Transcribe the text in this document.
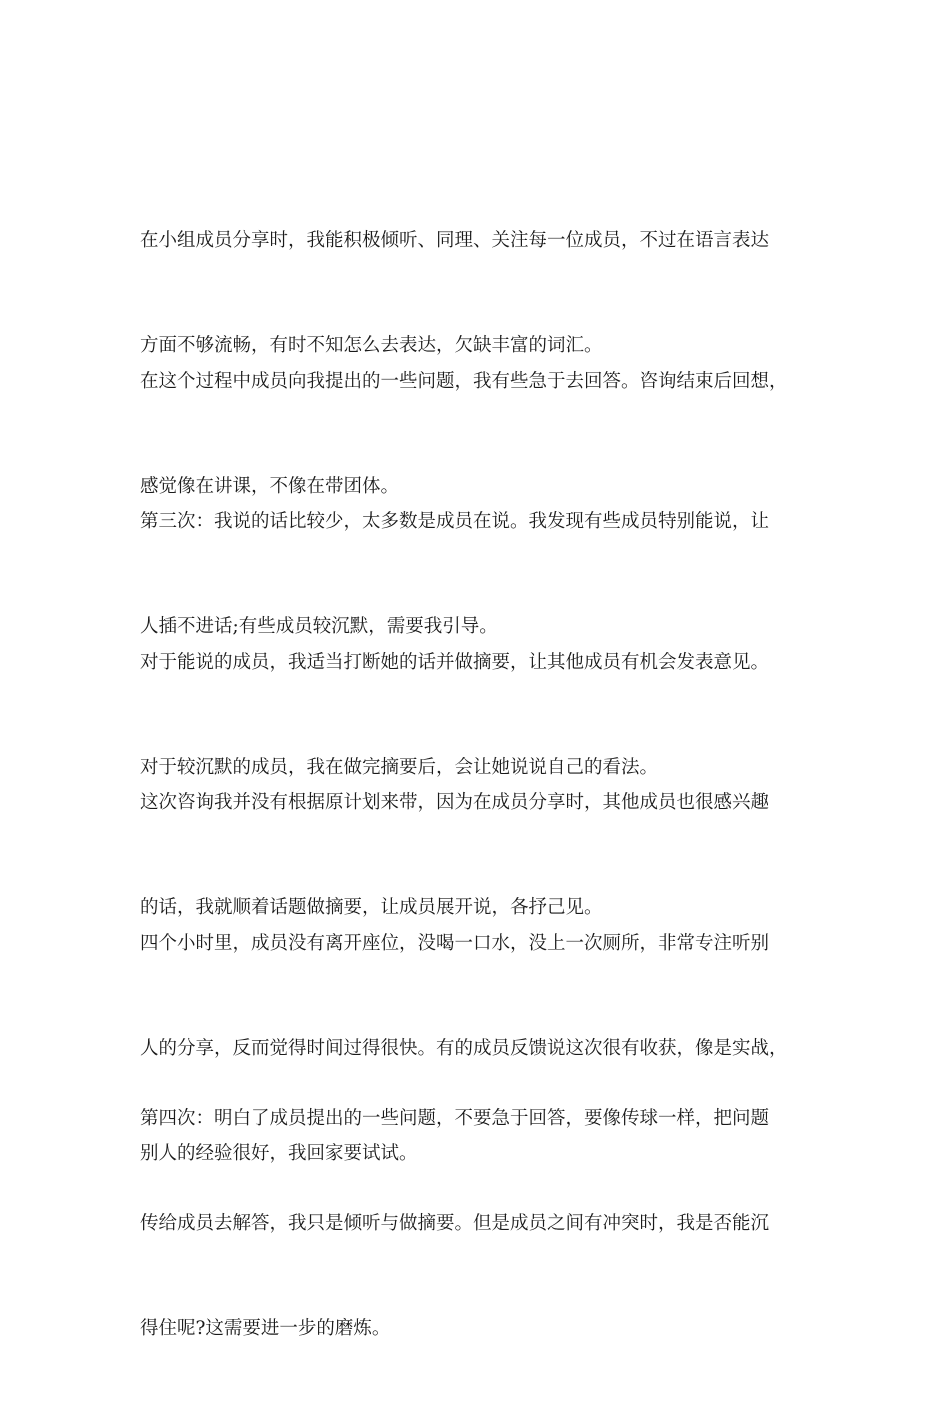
在小组成员分享时，我能积极倾听、同理、关注每一位成员，不过在语言表达

方面不够流畅，有时不知怎么去表达，欠缺丰富的词汇。

在这个过程中成员向我提出的一些问题，我有些急于去回答。咨询结束后回想，

感觉像在讲课，不像在带团体。

第三次：我说的话比较少，太多数是成员在说。我发现有些成员特别能说，让

人插不进话;有些成员较沉默，需要我引导。

对于能说的成员，我适当打断她的话并做摘要，让其他成员有机会发表意见。

对于较沉默的成员，我在做完摘要后，会让她说说自己的看法。

这次咨询我并没有根据原计划来带，因为在成员分享时，其他成员也很感兴趣

的话，我就顺着话题做摘要，让成员展开说，各抒己见。

四个小时里，成员没有离开座位，没喝一口水，没上一次厕所，非常专注听别

人的分享，反而觉得时间过得很快。有的成员反馈说这次很有收获，像是实战，

别人的经验很好，我回家要试试。

第四次：明白了成员提出的一些问题，不要急于回答，要像传球一样，把问题

传给成员去解答，我只是倾听与做摘要。但是成员之间有冲突时，我是否能沉

得住呢?这需要进一步的磨炼。
